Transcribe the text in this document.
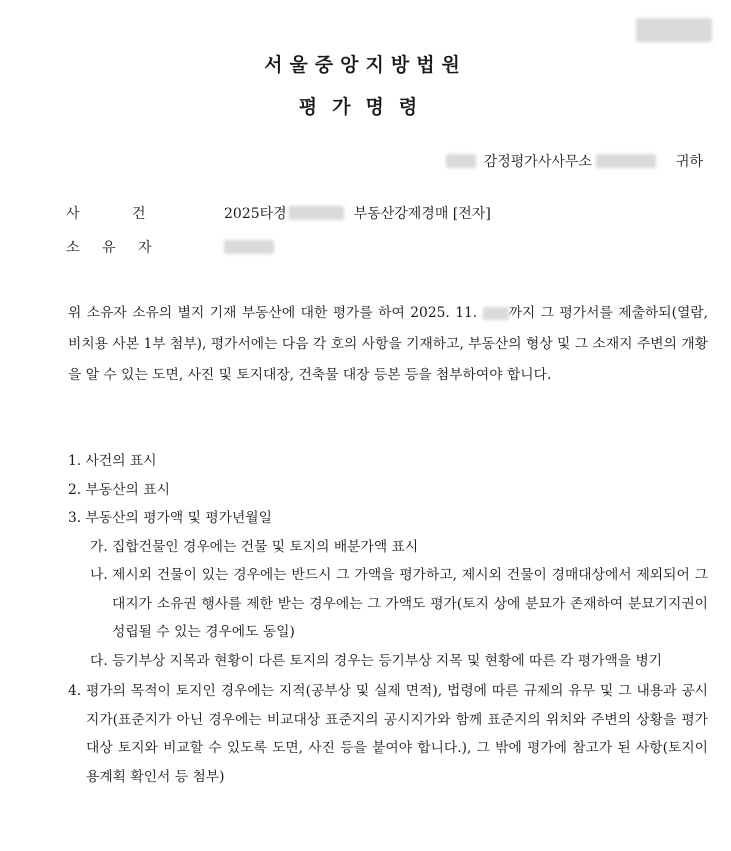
서울중앙지방법원
평가명령
감정평가사사무소	귀하
사	건	2025타경	부동산강제경매 [전자]
소	유	자
위 소유자 소유의 별지 기재 부동산에 대한 평가를 하여 2025. 11. 까지 그 평가서를 제출하되(열람, 비치용 사본 1부 첨부), 평가서에는 다음 각 호의 사항을 기재하고, 부동산의 형상 및 그 소재지 주변의 개황을 알 수 있는 도면, 사진 및 토지대장, 건축물 대장 등본 등을 첨부하여야 합니다.
1. 사건의 표시
2. 부동산의 표시
3. 부동산의 평가액 및 평가년월일
가. 집합건물인 경우에는 건물 및 토지의 배분가액 표시
나. 제시외 건물이 있는 경우에는 반드시 그 가액을 평가하고, 제시외 건물이 경매대상에서 제외되어 그 대지가 소유권 행사를 제한 받는 경우에는 그 가액도 평가(토지 상에 분묘가 존재하여 분묘기지권이 성립될 수 있는 경우에도 동일)
다. 등기부상 지목과 현황이 다른 토지의 경우는 등기부상 지목 및 현황에 따른 각 평가액을 병기
4. 평가의 목적이 토지인 경우에는 지적(공부상 및 실제 면적), 법령에 따른 규제의 유무 및 그 내용과 공시지가(표준지가 아닌 경우에는 비교대상 표준지의 공시지가와 함께 표준지의 위치와 주변의 상황을 평가대상 토지와 비교할 수 있도록 도면, 사진 등을 붙여야 합니다.), 그 밖에 평가에 참고가 된 사항(토지이용계획 확인서 등 첨부)
